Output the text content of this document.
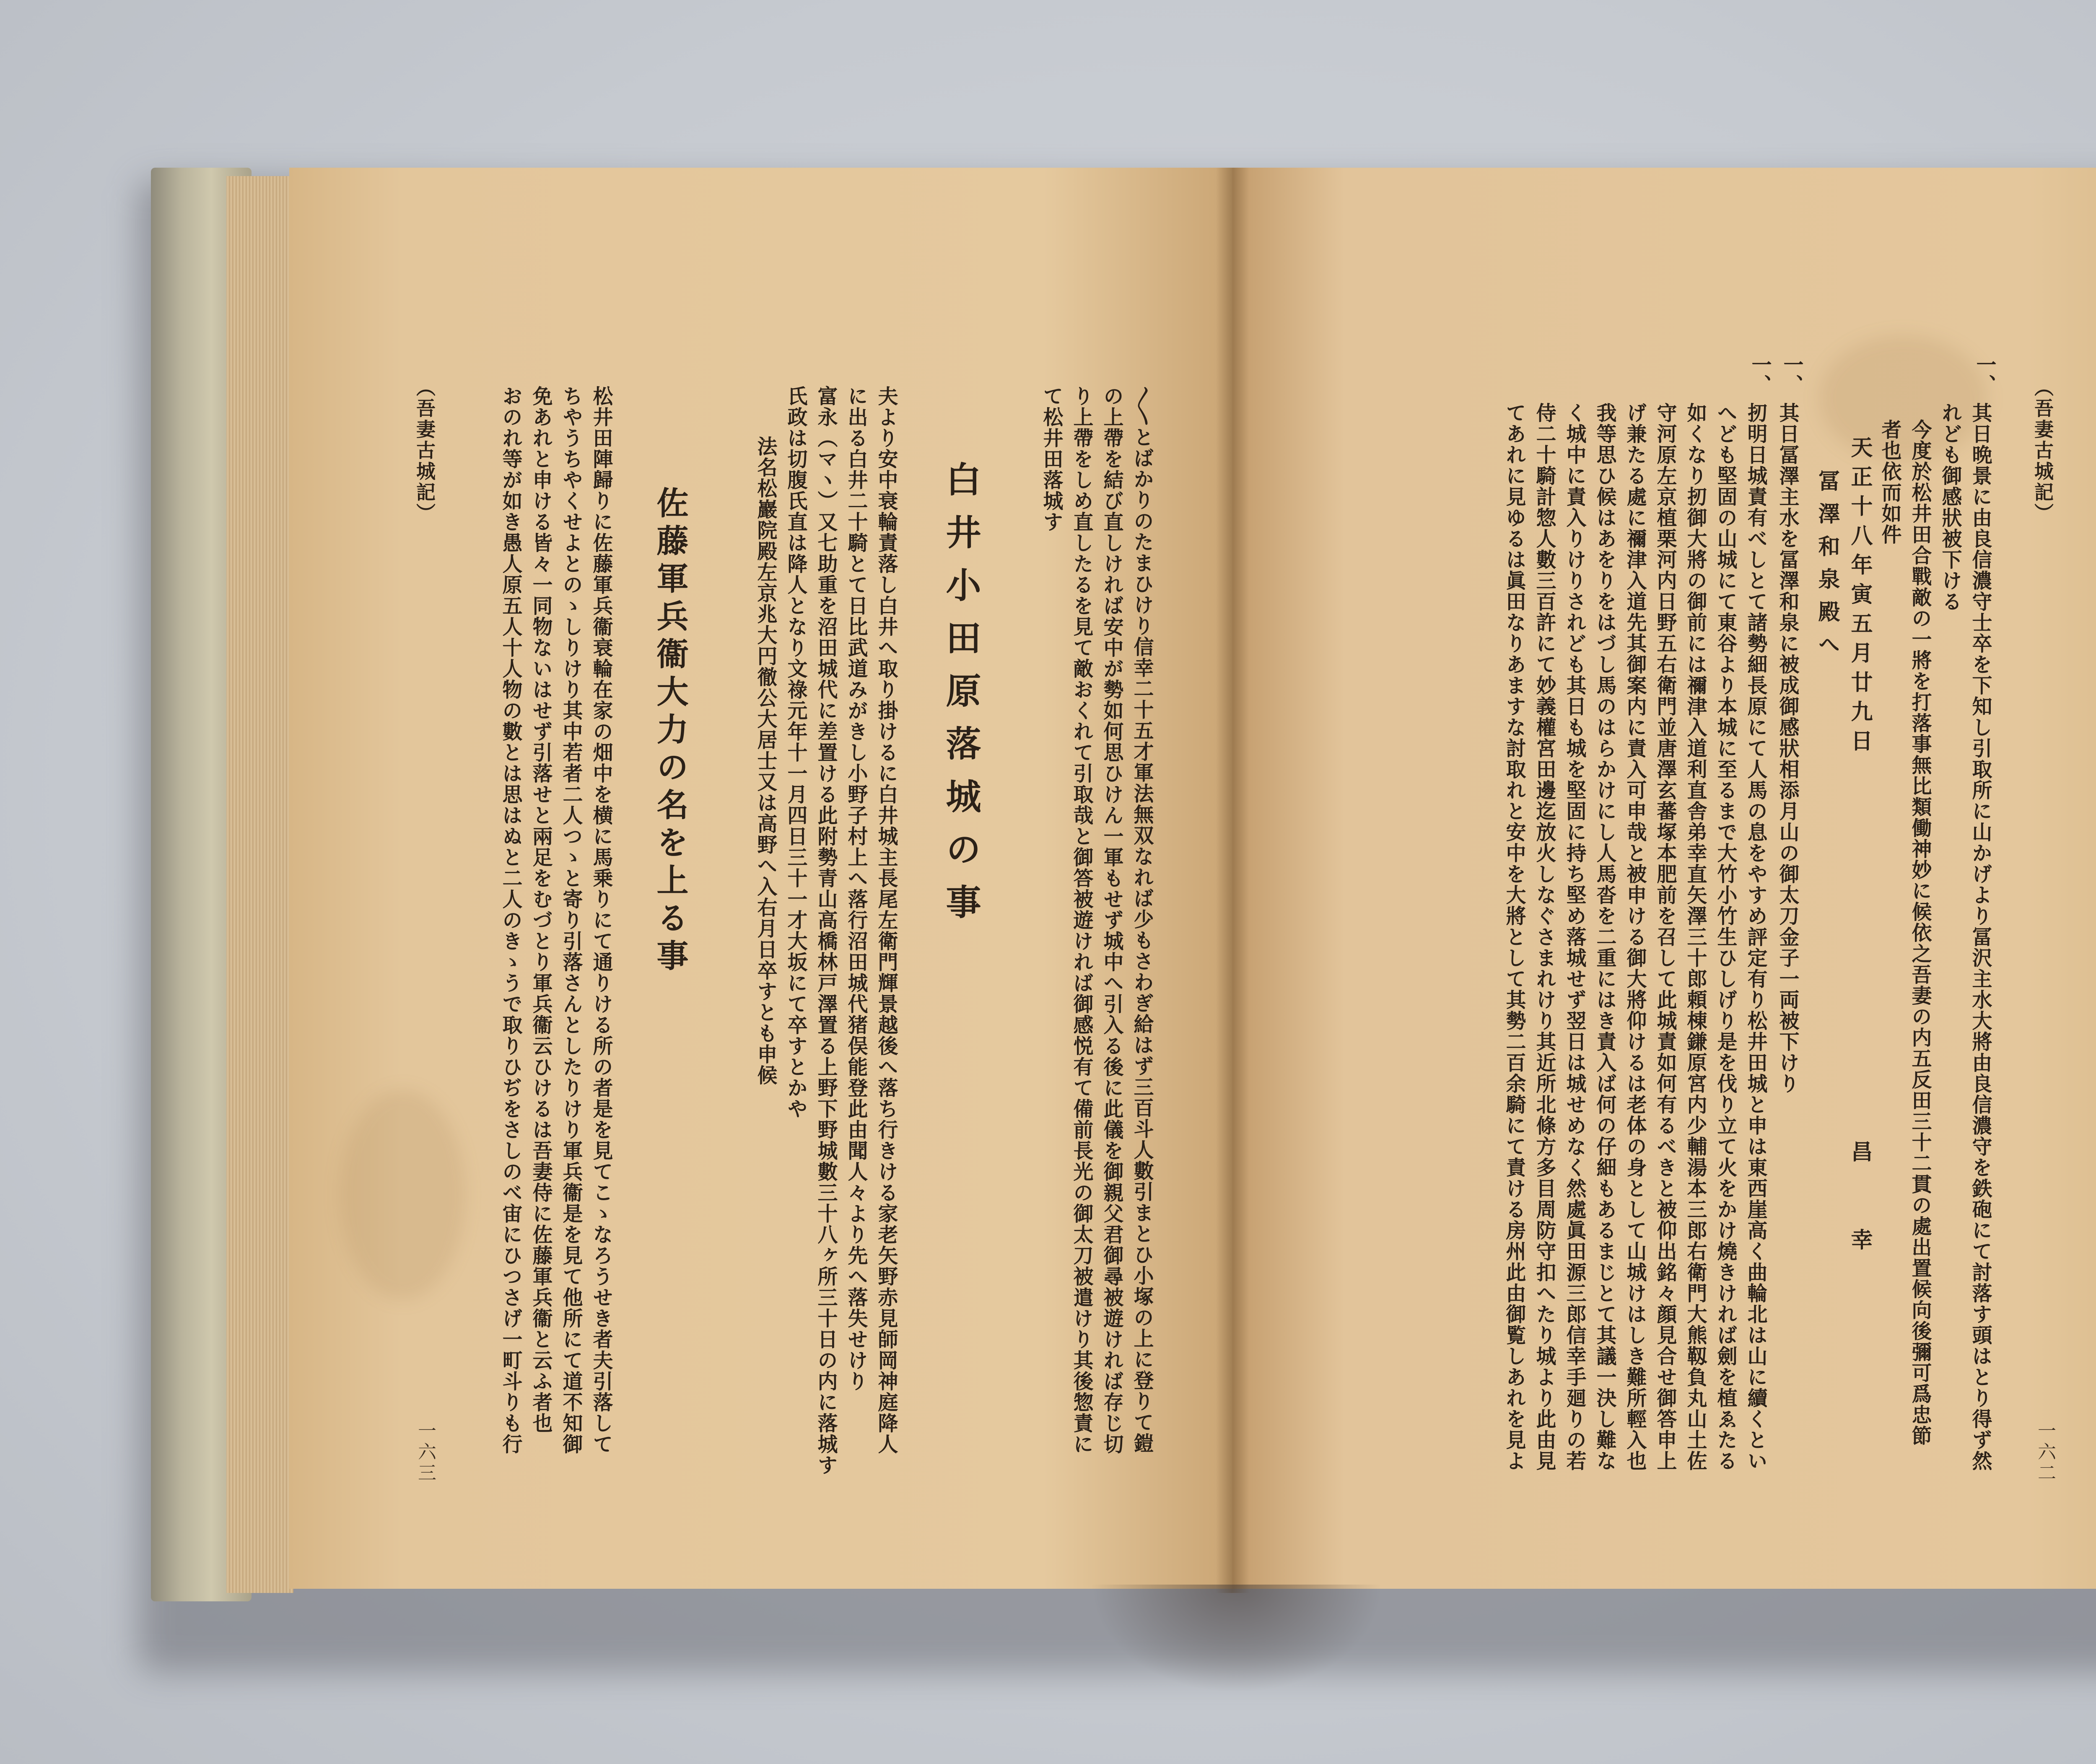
（吾妻古城記）
一六三	〳〵とばかりのたまひけり信幸二十五才軍法無双なれば少もさわぎ給はず三百斗人數引まとひ小塚の上に登りて鎧
の上帶を結び直しければ安中が勢如何思ひけん一軍もせず城中へ引入る後に此儀を御親父君御尋被遊ければ存じ切
り上帶をしめ直したるを見て敵おくれて引取哉と御答被遊ければ御感悦有て備前長光の御太刀被遣けり其後惣責に
て松井田落城す
白井小田原落城の事
夫より安中衰輪責落し白井へ取り掛けるに白井城主長尾左衛門輝景越後へ落ち行きける家老矢野赤見師岡神庭降人
に出る白井二十騎とて日比武道みがきし小野子村上へ落行沼田城代猪俣能登此由聞人々より先へ落失せけり
富永（マヽ）又七助重を沼田城代に差置ける此附勢青山高橋林戸澤置る上野下野城數三十八ヶ所三十日の内に落城す
氏政は切腹氏直は降人となり文祿元年十一月四日三十一才大坂にて卒すとかや
法名松巖院殿左京兆大円徹公大居士又は高野へ入右月日卒すとも申候
佐藤軍兵衞大力の名を上る事
松井田陣歸りに佐藤軍兵衞衰輪在家の畑中を横に馬乗りにて通りける所の者是を見てこゝなろうせき者夫引落して
ちやうちやくせよとのゝしりけり其中若者二人つゝと寄り引落さんとしたりけり軍兵衞是を見て他所にて道不知御
免あれと申ける皆々一同物ないはせず引落せと兩足をむづとり軍兵衞云ひけるは吾妻侍に佐藤軍兵衞と云ふ者也
おのれ等が如き愚人原五人十人物の數とは思はぬと二人のきゝうで取りひぢをさしのべ宙にひつさげ一町斗りも行	（吾妻古城記）
一六二
一、
其日晩景に由良信濃守士卒を下知し引取所に山かげより冨沢主水大將由良信濃守を鉄砲にて討落す頭はとり得ず然
れども御感狀被下ける
今度於松井田合戰敵の一將を打落事無比類働神妙に候依之吾妻の内五反田三十二貫の處出置候向後彌可爲忠節
者也依而如件
天正十八年寅五月廿九日　　　　　　　　　　　　　昌　　幸
冨澤和泉殿へ
一、
其日冨澤主水を冨澤和泉に被成御感狀相添月山の御太刀金子一両被下けり
一、
扨明日城責有べしとて諸勢細長原にて人馬の息をやすめ評定有り松井田城と申は東西崖高く曲輪北は山に續くとい
へども堅固の山城にて東谷より本城に至るまで大竹小竹生ひしげり是を伐り立て火をかけ燒きければ劍を植ゑたる
如くなり扨御大將の御前には禰津入道利直舎弟幸直矢澤三十郎頼棟鎌原宮内少輔湯本三郎右衛門大熊靱負丸山土佐
守河原左京植栗河内日野五右衛門並唐澤玄蕃塚本肥前を召して此城責如何有るべきと被仰出銘々顔見合せ御答申上
げ兼たる處に禰津入道先其御案内に責入可申哉と被申ける御大將仰けるは老体の身として山城けはしき難所輕入也
我等思ひ候はあをりをはづし馬のはらかけにし人馬沓を二重にはき責入ば何の仔細もあるまじとて其議一決し難な
く城中に責入りけりされども其日も城を堅固に持ち堅め落城せず翌日は城せめなく然處眞田源三郎信幸手廻りの若
侍二十騎計惣人數三百許にて妙義權宮田邊迄放火しなぐさまれけり其近所北條方多目周防守扣へたり城より此由見
てあれに見ゆるは眞田なりあますな討取れと安中を大將として其勢二百余騎にて責ける房州此由御覧しあれを見よ
